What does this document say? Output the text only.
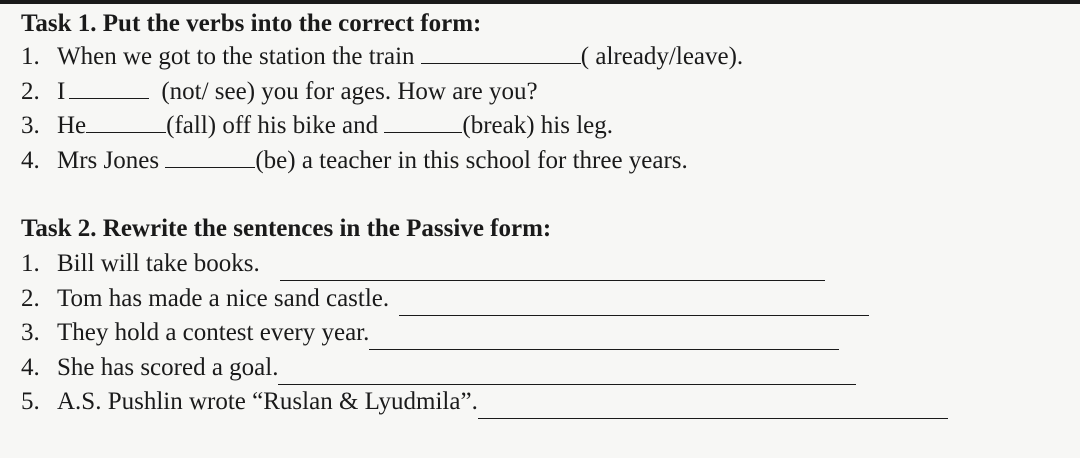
Task 1. Put the verbs into the correct form:
1. When we got to the station the train	( already/leave).
2. I	(not/ see) you for ages. How are you?
3. He	(fall) off his bike and	(break) his leg.
4. Mrs Jones	(be) a teacher in this school for three years.
Task 2. Rewrite the sentences in the Passive form:
1. Bill will take books.
2. Tom has made a nice sand castle.
3. They hold a contest every year.
4. She has scored a goal.
5. A.S. Pushlin wrote “Ruslan & Lyudmila”.
